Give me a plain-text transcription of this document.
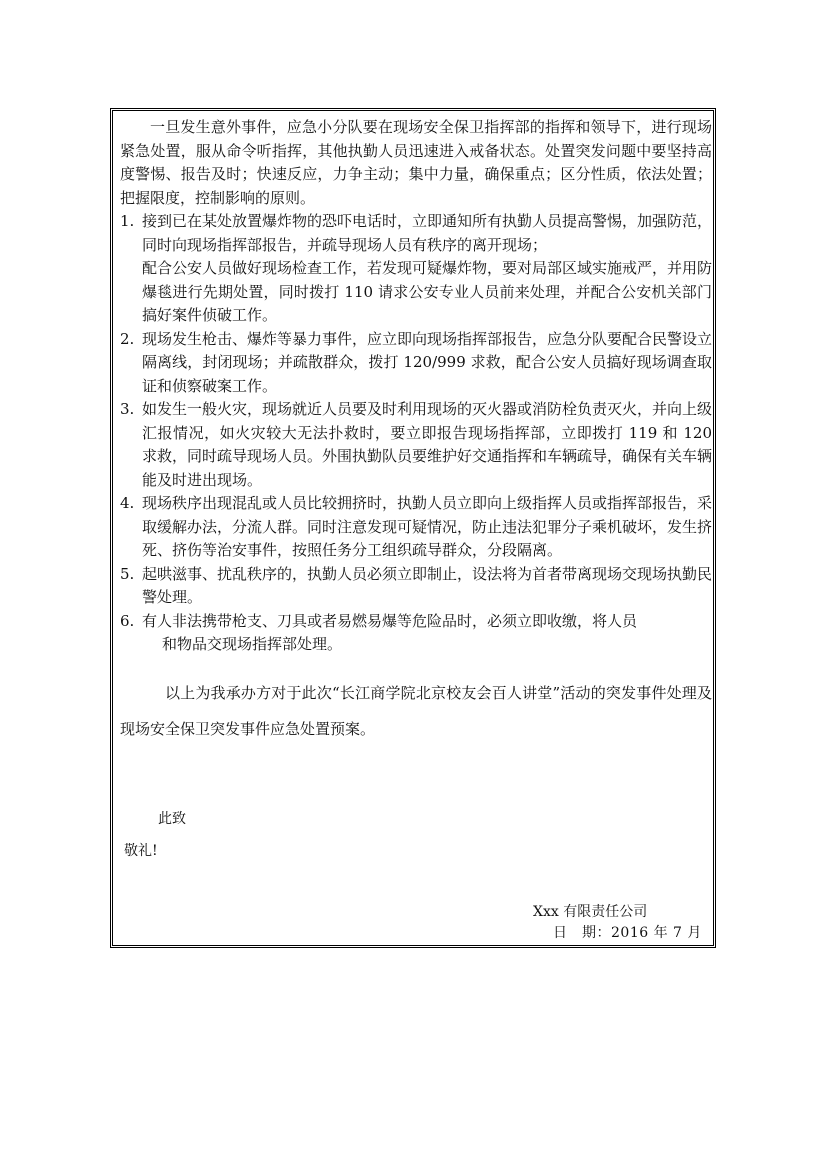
一旦发生意外事件，应急小分队要在现场安全保卫指挥部的指挥和领导下，进行现场紧急处置，服从命令听指挥，其他执勤人员迅速进入戒备状态。处置突发问题中要坚持高度警惕、报告及时；快速反应，力争主动；集中力量，确保重点；区分性质，依法处置；把握限度，控制影响的原则。

1. 接到已在某处放置爆炸物的恐吓电话时，立即通知所有执勤人员提高警惕，加强防范，同时向现场指挥部报告，并疏导现场人员有秩序的离开现场；
配合公安人员做好现场检查工作，若发现可疑爆炸物，要对局部区域实施戒严，并用防爆毯进行先期处置，同时拨打 110 请求公安专业人员前来处理，并配合公安机关部门搞好案件侦破工作。
2. 现场发生枪击、爆炸等暴力事件，应立即向现场指挥部报告，应急分队要配合民警设立隔离线，封闭现场；并疏散群众，拨打 120/999 求救，配合公安人员搞好现场调查取证和侦察破案工作。
3. 如发生一般火灾，现场就近人员要及时利用现场的灭火器或消防栓负责灭火，并向上级汇报情况，如火灾较大无法扑救时，要立即报告现场指挥部，立即拨打 119 和 120 求救，同时疏导现场人员。外围执勤队员要维护好交通指挥和车辆疏导，确保有关车辆能及时进出现场。
4. 现场秩序出现混乱或人员比较拥挤时，执勤人员立即向上级指挥人员或指挥部报告，采取缓解办法，分流人群。同时注意发现可疑情况，防止违法犯罪分子乘机破坏，发生挤死、挤伤等治安事件，按照任务分工组织疏导群众，分段隔离。
5. 起哄滋事、扰乱秩序的，执勤人员必须立即制止，设法将为首者带离现场交现场执勤民警处理。
6. 有人非法携带枪支、刀具或者易燃易爆等危险品时，必须立即收缴，将人员
和物品交现场指挥部处理。

以上为我承办方对于此次“长江商学院北京校友会百人讲堂”活动的突发事件处理及现场安全保卫突发事件应急处置预案。

此致
敬礼!
Xxx 有限责任公司
日　期：2016 年 7 月
